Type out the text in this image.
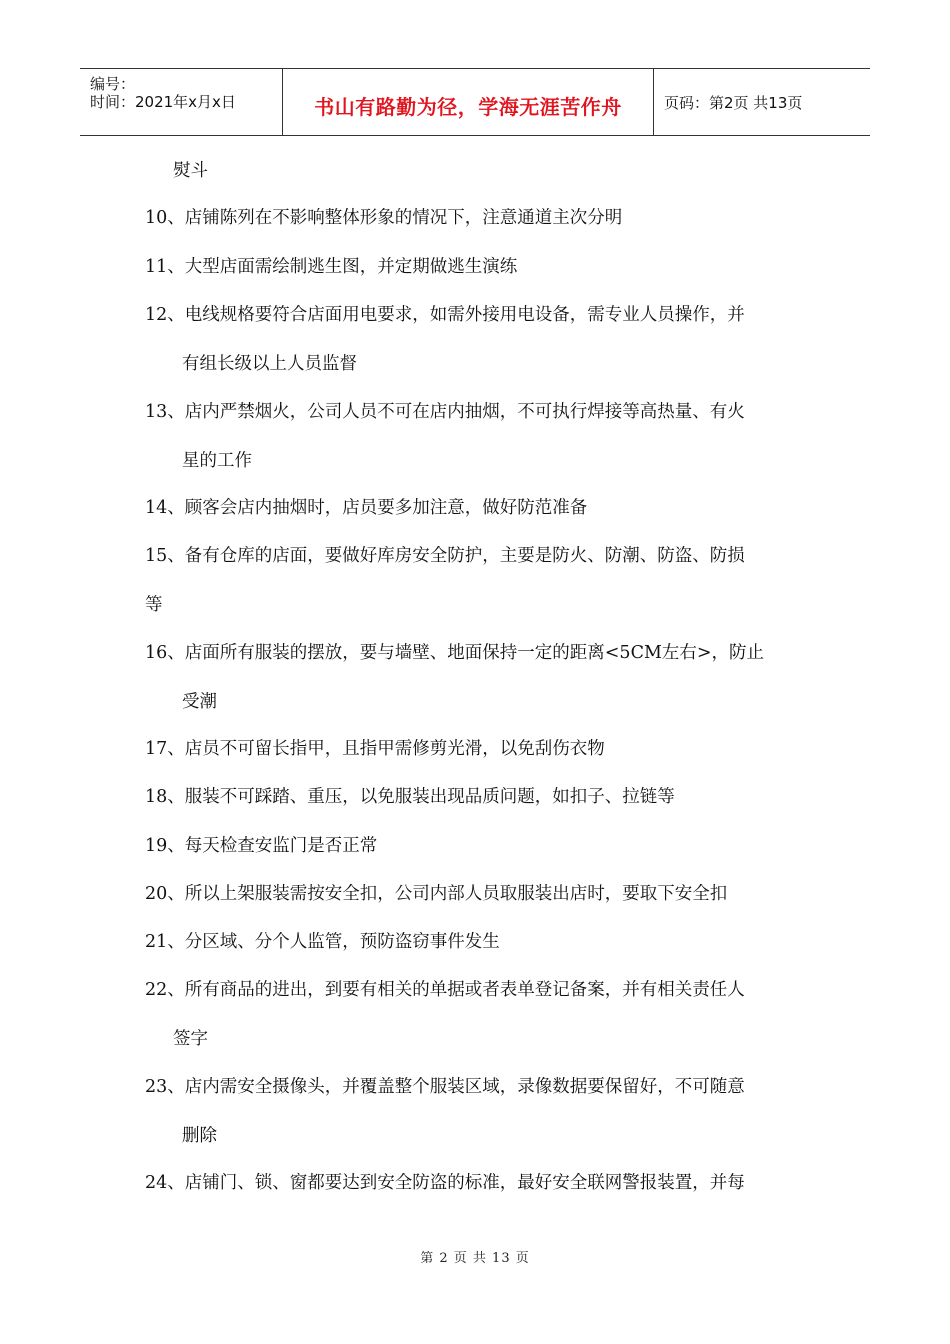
编号：
时间：2021年x月x日	书山有路勤为径，学海无涯苦作舟	页码：第2页 共13页
熨斗
10、店铺陈列在不影响整体形象的情况下，注意通道主次分明
11、大型店面需绘制逃生图，并定期做逃生演练
12、电线规格要符合店面用电要求，如需外接用电设备，需专业人员操作，并
有组长级以上人员监督
13、店内严禁烟火，公司人员不可在店内抽烟，不可执行焊接等高热量、有火
星的工作
14、顾客会店内抽烟时，店员要多加注意，做好防范准备
15、备有仓库的店面，要做好库房安全防护，主要是防火、防潮、防盗、防损
等
16、店面所有服装的摆放，要与墙壁、地面保持一定的距离<5CM左右>，防止
受潮
17、店员不可留长指甲，且指甲需修剪光滑，以免刮伤衣物
18、服装不可踩踏、重压，以免服装出现品质问题，如扣子、拉链等
19、每天检查安监门是否正常
20、所以上架服装需按安全扣，公司内部人员取服装出店时，要取下安全扣
21、分区域、分个人监管，预防盗窃事件发生
22、所有商品的进出，到要有相关的单据或者表单登记备案，并有相关责任人
签字
23、店内需安全摄像头，并覆盖整个服装区域，录像数据要保留好，不可随意
删除
24、店铺门、锁、窗都要达到安全防盗的标准，最好安全联网警报装置，并每
第 2 页 共 13 页
